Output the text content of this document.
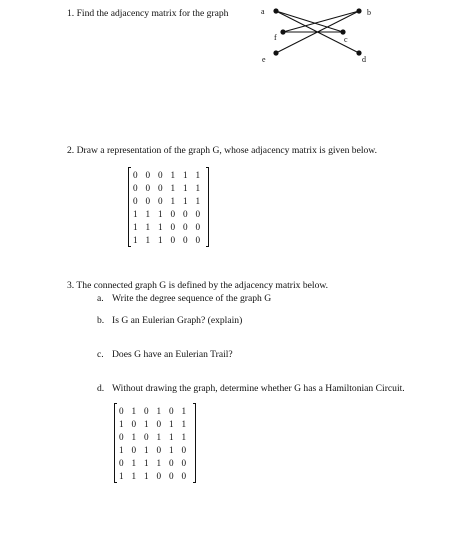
1. Find the adjacency matrix for the graph	a	b
c
d
e
f
2. Draw a representation of the graph G, whose adjacency matrix is given below.
0 0 0 1 1 1
0 0 0 1 1 1
0 0 0 1 1 1
1 1 1 0 0 0
1 1 1 0 0 0
1 1 1 0 0 0
3. The connected graph G is defined by the adjacency matrix below.
a. Write the degree sequence of the graph G
b. Is G an Eulerian Graph? (explain)
c. Does G have an Eulerian Trail?
d. Without drawing the graph, determine whether G has a Hamiltonian Circuit.
0 1 0 1 0 1
1 0 1 0 1 1
0 1 0 1 1 1
1 0 1 0 1 0
0 1 1 1 0 0
1 1 1 0 0 0
